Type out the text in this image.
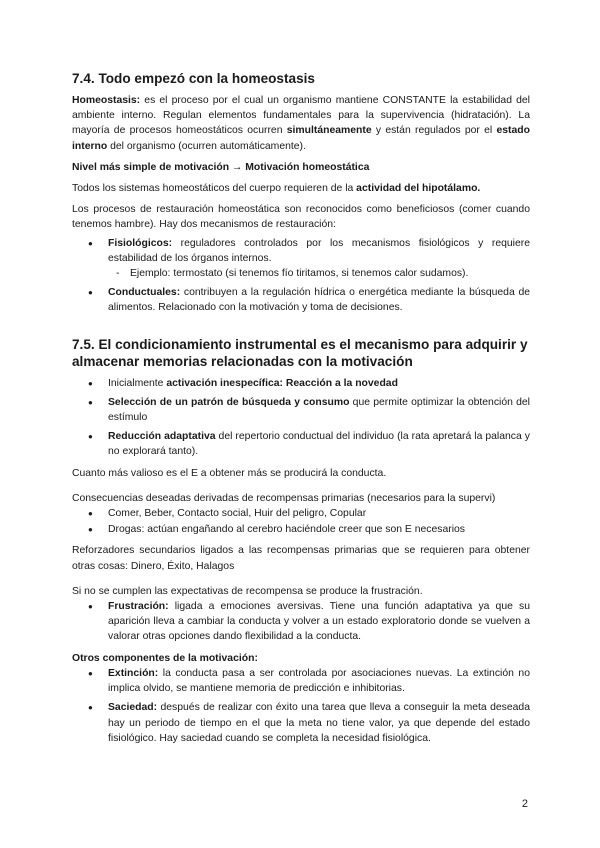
7.4. Todo empezó con la homeostasis

Homeostasis: es el proceso por el cual un organismo mantiene CONSTANTE la estabilidad del ambiente interno. Regulan elementos fundamentales para la supervivencia (hidratación). La mayoría de procesos homeostáticos ocurren simultáneamente y están regulados por el estado interno del organismo (ocurren automáticamente).

Nivel más simple de motivación → Motivación homeostática

Todos los sistemas homeostáticos del cuerpo requieren de la actividad del hipotálamo.

Los procesos de restauración homeostática son reconocidos como beneficiosos (comer cuando tenemos hambre). Hay dos mecanismos de restauración:

● Fisiológicos: reguladores controlados por los mecanismos fisiológicos y requiere estabilidad de los órganos internos.
- Ejemplo: termostato (si tenemos fío tiritamos, si tenemos calor sudamos).
● Conductuales: contribuyen a la regulación hídrica o energética mediante la búsqueda de alimentos. Relacionado con la motivación y toma de decisiones.
7.5. El condicionamiento instrumental es el mecanismo para adquirir y almacenar memorias relacionadas con la motivación
● Inicialmente activación inespecífica: Reacción a la novedad
● Selección de un patrón de búsqueda y consumo que permite optimizar la obtención del estímulo
● Reducción adaptativa del repertorio conductual del individuo (la rata apretará la palanca y no explorará tanto).

Cuanto más valioso es el E a obtener más se producirá la conducta.

Consecuencias deseadas derivadas de recompensas primarias (necesarios para la supervi)

● Comer, Beber, Contacto social, Huir del peligro, Copular
● Drogas: actúan engañando al cerebro haciéndole creer que son E necesarios

Reforzadores secundarios ligados a las recompensas primarias que se requieren para obtener otras cosas: Dinero, Éxito, Halagos

Si no se cumplen las expectativas de recompensa se produce la frustración.

● Frustración: ligada a emociones aversivas. Tiene una función adaptativa ya que su aparición lleva a cambiar la conducta y volver a un estado exploratorio donde se vuelven a valorar otras opciones dando flexibilidad a la conducta.

Otros componentes de la motivación:

● Extinción: la conducta pasa a ser controlada por asociaciones nuevas. La extinción no implica olvido, se mantiene memoria de predicción e inhibitorias.
● Saciedad: después de realizar con éxito una tarea que lleva a conseguir la meta deseada hay un periodo de tiempo en el que la meta no tiene valor, ya que depende del estado fisiológico. Hay saciedad cuando se completa la necesidad fisiológica.
2
